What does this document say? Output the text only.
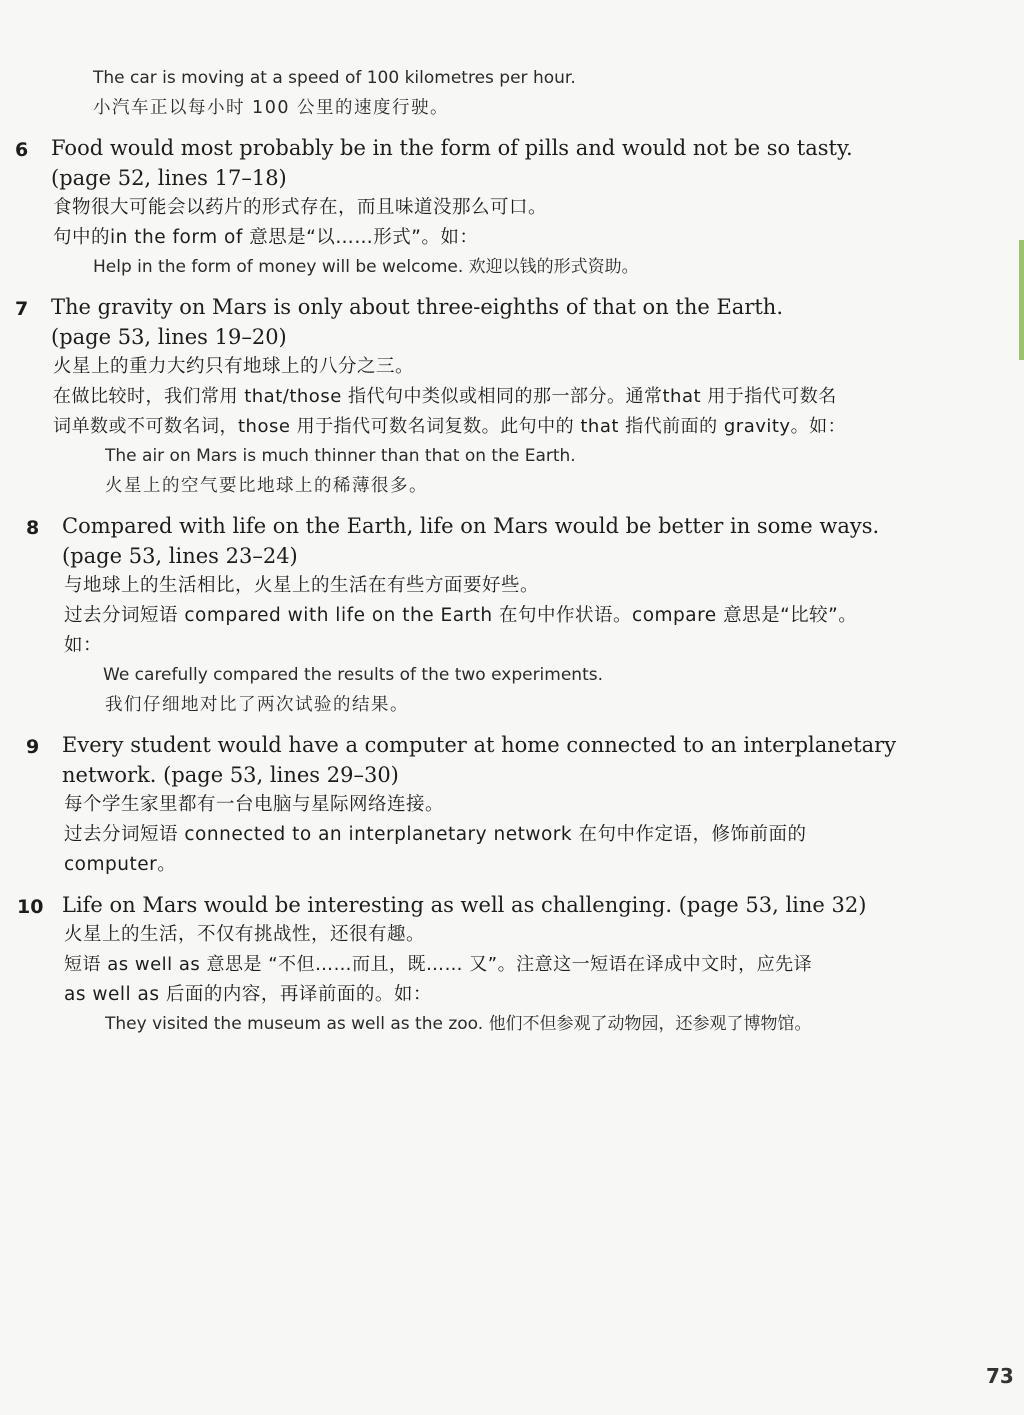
The car is moving at a speed of 100 kilometres per hour.
小汽车正以每小时 100 公里的速度行驶。
6 Food would most probably be in the form of pills and would not be so tasty.
(page 52, lines 17–18)
食物很大可能会以药片的形式存在，而且味道没那么可口。
句中的in the form of 意思是“以……形式”。如：
Help in the form of money will be welcome. 欢迎以钱的形式资助。
7 The gravity on Mars is only about three-eighths of that on the Earth.
(page 53, lines 19–20)
火星上的重力大约只有地球上的八分之三。
在做比较时，我们常用 that/those 指代句中类似或相同的那一部分。通常that 用于指代可数名
词单数或不可数名词，those 用于指代可数名词复数。此句中的 that 指代前面的 gravity。如：
The air on Mars is much thinner than that on the Earth.
火星上的空气要比地球上的稀薄很多。
8 Compared with life on the Earth, life on Mars would be better in some ways.
(page 53, lines 23–24)
与地球上的生活相比，火星上的生活在有些方面要好些。
过去分词短语 compared with life on the Earth 在句中作状语。compare 意思是“比较”。
如：
We carefully compared the results of the two experiments.
我们仔细地对比了两次试验的结果。
9 Every student would have a computer at home connected to an interplanetary
network. (page 53, lines 29–30)
每个学生家里都有一台电脑与星际网络连接。
过去分词短语 connected to an interplanetary network 在句中作定语，修饰前面的
computer。
10 Life on Mars would be interesting as well as challenging. (page 53, line 32)
火星上的生活，不仅有挑战性，还很有趣。
短语 as well as 意思是 “不但……而且，既…… 又”。注意这一短语在译成中文时，应先译
as well as 后面的内容，再译前面的。如：
They visited the museum as well as the zoo. 他们不但参观了动物园，还参观了博物馆。
73
